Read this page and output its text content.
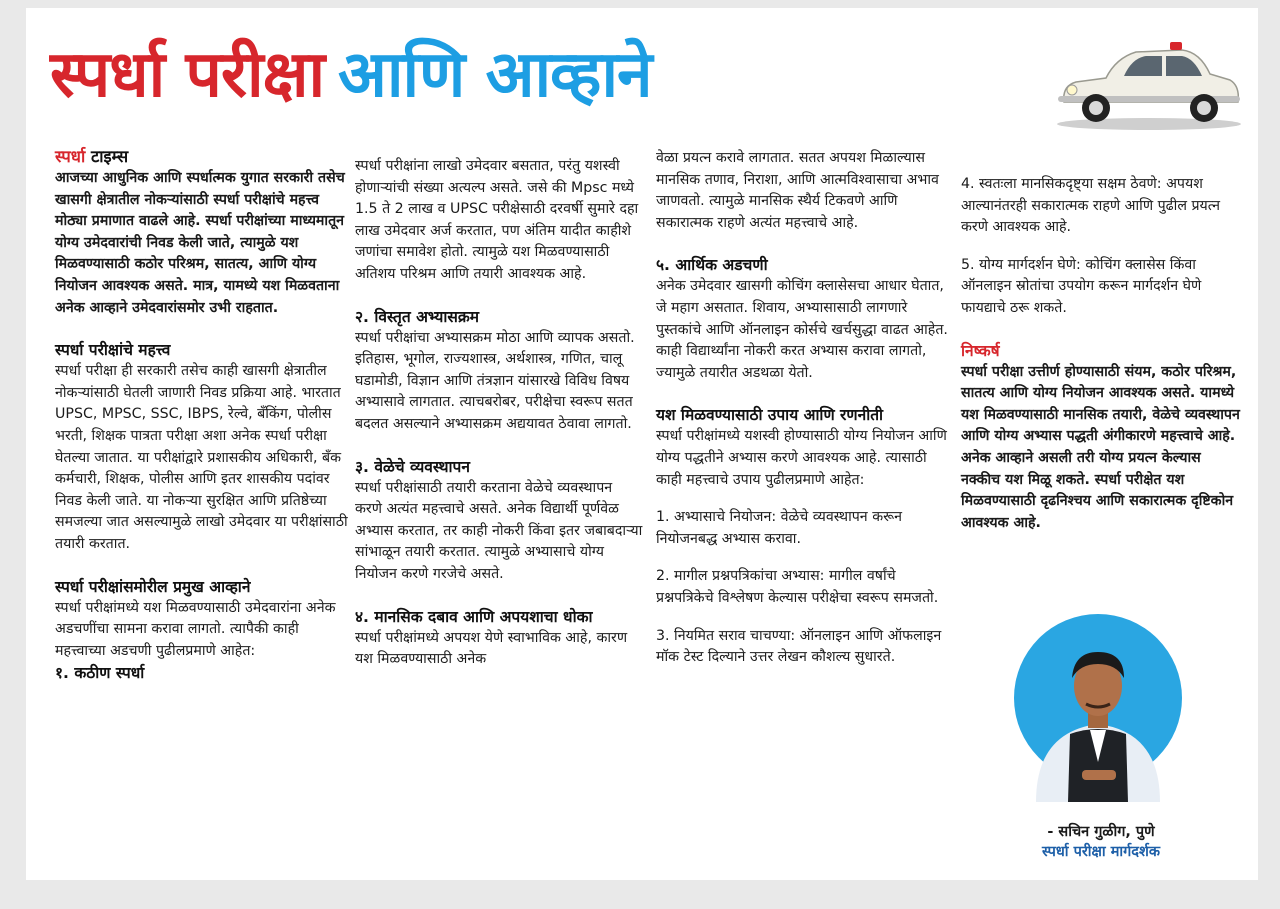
स्पर्धा परीक्षा आणि आव्हाने
स्पर्धा टाइम्स

आजच्या आधुनिक आणि स्पर्धात्मक युगात सरकारी तसेच खासगी क्षेत्रातील नोकऱ्यांसाठी स्पर्धा परीक्षांचे महत्त्व मोठ्या प्रमाणात वाढले आहे. स्पर्धा परीक्षांच्या माध्यमातून योग्य उमेदवारांची निवड केली जाते, त्यामुळे यश मिळवण्यासाठी कठोर परिश्रम, सातत्य, आणि योग्य नियोजन आवश्यक असते. मात्र, यामध्ये यश मिळवताना अनेक आव्हाने उमेदवारांसमोर उभी राहतात.

स्पर्धा परीक्षांचे महत्त्व

स्पर्धा परीक्षा ही सरकारी तसेच काही खासगी क्षेत्रातील नोकऱ्यांसाठी घेतली जाणारी निवड प्रक्रिया आहे. भारतात UPSC, MPSC, SSC, IBPS, रेल्वे, बँकिंग, पोलीस भरती, शिक्षक पात्रता परीक्षा अशा अनेक स्पर्धा परीक्षा घेतल्या जातात. या परीक्षांद्वारे प्रशासकीय अधिकारी, बँक कर्मचारी, शिक्षक, पोलीस आणि इतर शासकीय पदांवर निवड केली जाते. या नोकऱ्या सुरक्षित आणि प्रतिष्ठेच्या समजल्या जात असल्यामुळे लाखो उमेदवार या परीक्षांसाठी तयारी करतात.

स्पर्धा परीक्षांसमोरील प्रमुख आव्हाने

स्पर्धा परीक्षांमध्ये यश मिळवण्यासाठी उमेदवारांना अनेक अडचणींचा सामना करावा लागतो. त्यापैकी काही महत्त्वाच्या अडचणी पुढीलप्रमाणे आहेत:

१. कठीण स्पर्धा

स्पर्धा परीक्षांना लाखो उमेदवार बसतात, परंतु यशस्वी होणाऱ्यांची संख्या अत्यल्प असते. जसे की Mpsc मध्ये 1.5 ते 2 लाख व UPSC परीक्षेसाठी दरवर्षी सुमारे दहा लाख उमेदवार अर्ज करतात, पण अंतिम यादीत काहीशे जणांचा समावेश होतो. त्यामुळे यश मिळवण्यासाठी अतिशय परिश्रम आणि तयारी आवश्यक आहे.

२. विस्तृत अभ्यासक्रम

स्पर्धा परीक्षांचा अभ्यासक्रम मोठा आणि व्यापक असतो. इतिहास, भूगोल, राज्यशास्त्र, अर्थशास्त्र, गणित, चालू घडामोडी, विज्ञान आणि तंत्रज्ञान यांसारखे विविध विषय अभ्यासावे लागतात. त्याचबरोबर, परीक्षेचा स्वरूप सतत बदलत असल्याने अभ्यासक्रम अद्ययावत ठेवावा लागतो.

३. वेळेचे व्यवस्थापन

स्पर्धा परीक्षांसाठी तयारी करताना वेळेचे व्यवस्थापन करणे अत्यंत महत्त्वाचे असते. अनेक विद्यार्थी पूर्णवेळ अभ्यास करतात, तर काही नोकरी किंवा इतर जबाबदाऱ्या सांभाळून तयारी करतात. त्यामुळे अभ्यासाचे योग्य नियोजन करणे गरजेचे असते.

४. मानसिक दबाव आणि अपयशाचा धोका

स्पर्धा परीक्षांमध्ये अपयश येणे स्वाभाविक आहे, कारण यश मिळवण्यासाठी अनेक

वेळा प्रयत्न करावे लागतात. सतत अपयश मिळाल्यास मानसिक तणाव, निराशा, आणि आत्मविश्वासाचा अभाव जाणवतो. त्यामुळे मानसिक स्थैर्य टिकवणे आणि सकारात्मक राहणे अत्यंत महत्त्वाचे आहे.

५. आर्थिक अडचणी

अनेक उमेदवार खासगी कोचिंग क्लासेसचा आधार घेतात, जे महाग असतात. शिवाय, अभ्यासासाठी लागणारे पुस्तकांचे आणि ऑनलाइन कोर्सचे खर्चसुद्धा वाढत आहेत. काही विद्यार्थ्यांना नोकरी करत अभ्यास करावा लागतो, ज्यामुळे तयारीत अडथळा येतो.

यश मिळवण्यासाठी उपाय आणि रणनीती

स्पर्धा परीक्षांमध्ये यशस्वी होण्यासाठी योग्य नियोजन आणि योग्य पद्धतीने अभ्यास करणे आवश्यक आहे. त्यासाठी काही महत्त्वाचे उपाय पुढीलप्रमाणे आहेत:

1. अभ्यासाचे नियोजन: वेळेचे व्यवस्थापन करून नियोजनबद्ध अभ्यास करावा.

2. मागील प्रश्नपत्रिकांचा अभ्यास: मागील वर्षांचे प्रश्नपत्रिकेचे विश्लेषण केल्यास परीक्षेचा स्वरूप समजतो.

3. नियमित सराव चाचण्या: ऑनलाइन आणि ऑफलाइन मॉक टेस्ट दिल्याने उत्तर लेखन कौशल्य सुधारते.

4. स्वतःला मानसिकदृष्ट्या सक्षम ठेवणे: अपयश आल्यानंतरही सकारात्मक राहणे आणि पुढील प्रयत्न करणे आवश्यक आहे.

5. योग्य मार्गदर्शन घेणे: कोचिंग क्लासेस किंवा ऑनलाइन स्रोतांचा उपयोग करून मार्गदर्शन घेणे फायद्याचे ठरू शकते.

निष्कर्ष

स्पर्धा परीक्षा उत्तीर्ण होण्यासाठी संयम, कठोर परिश्रम, सातत्य आणि योग्य नियोजन आवश्यक असते. यामध्ये यश मिळवण्यासाठी मानसिक तयारी, वेळेचे व्यवस्थापन आणि योग्य अभ्यास पद्धती अंगीकारणे महत्त्वाचे आहे. अनेक आव्हाने असली तरी योग्य प्रयत्न केल्यास नक्कीच यश मिळू शकते. स्पर्धा परीक्षेत यश मिळवण्यासाठी दृढनिश्चय आणि सकारात्मक दृष्टिकोन आवश्यक आहे.

- सचिन गुळीग, पुणे
स्पर्धा परीक्षा मार्गदर्शक
